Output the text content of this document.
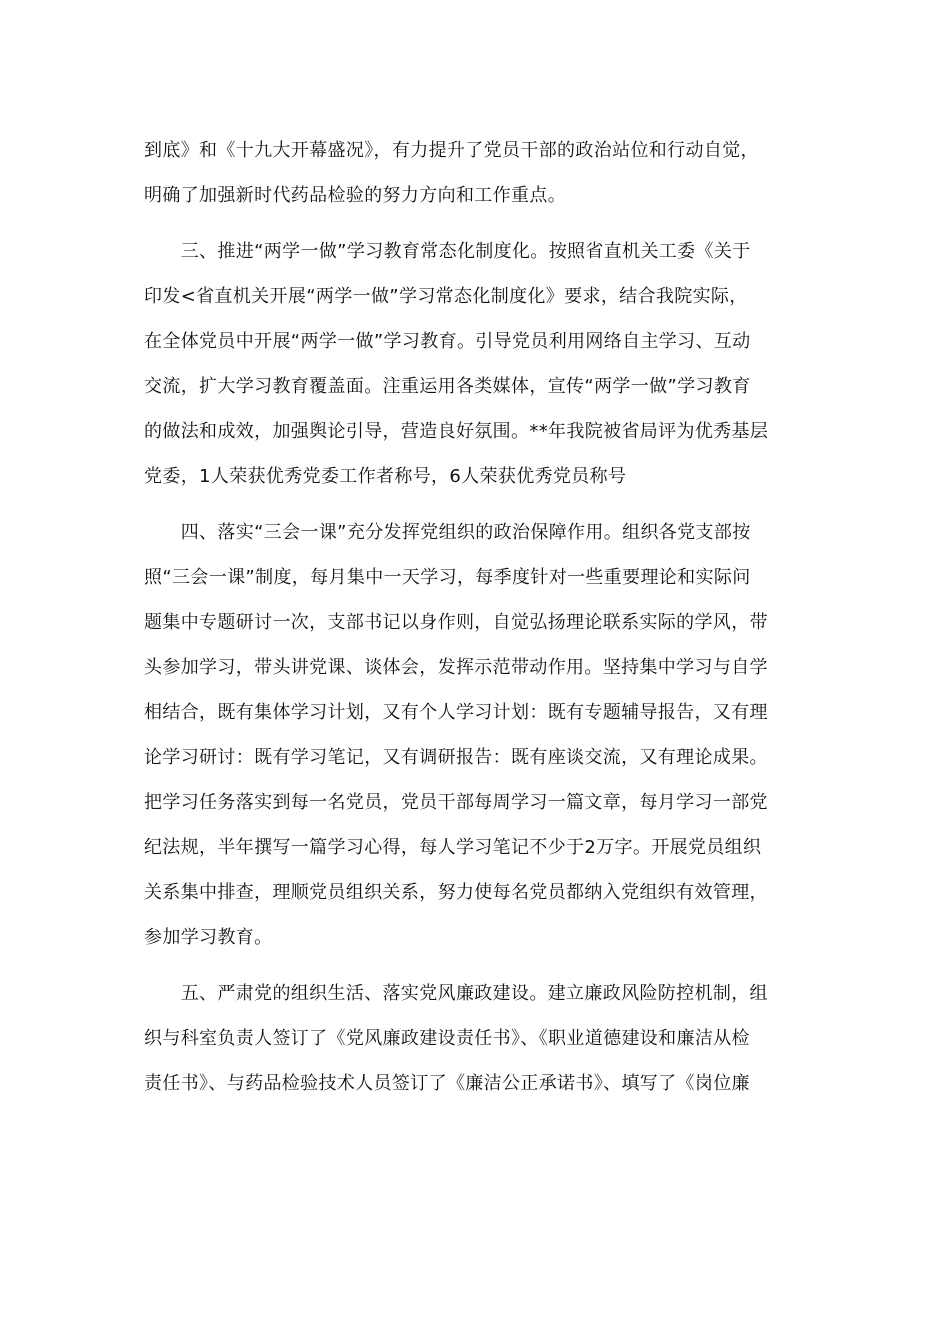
到底》和《十九大开幕盛况》，有力提升了党员干部的政治站位和行动自觉，
明确了加强新时代药品检验的努力方向和工作重点。
　　三、推进“两学一做”学习教育常态化制度化。按照省直机关工委《关于
印发<省直机关开展“两学一做”学习常态化制度化》要求，结合我院实际，
在全体党员中开展“两学一做”学习教育。引导党员利用网络自主学习、互动
交流，扩大学习教育覆盖面。注重运用各类媒体，宣传“两学一做”学习教育
的做法和成效，加强舆论引导，营造良好氛围。**年我院被省局评为优秀基层
党委，1人荣获优秀党委工作者称号，6人荣获优秀党员称号
　　四、落实“三会一课”充分发挥党组织的政治保障作用。组织各党支部按
照“三会一课”制度，每月集中一天学习，每季度针对一些重要理论和实际问
题集中专题研讨一次，支部书记以身作则，自觉弘扬理论联系实际的学风，带
头参加学习，带头讲党课、谈体会，发挥示范带动作用。坚持集中学习与自学
相结合，既有集体学习计划，又有个人学习计划：既有专题辅导报告，又有理
论学习研讨：既有学习笔记，又有调研报告：既有座谈交流，又有理论成果。
把学习任务落实到每一名党员，党员干部每周学习一篇文章，每月学习一部党
纪法规，半年撰写一篇学习心得，每人学习笔记不少于2万字。开展党员组织
关系集中排查，理顺党员组织关系，努力使每名党员都纳入党组织有效管理，
参加学习教育。
　　五、严肃党的组织生活、落实党风廉政建设。建立廉政风险防控机制，组
织与科室负责人签订了《党风廉政建设责任书》、《职业道德建设和廉洁从检
责任书》、与药品检验技术人员签订了《廉洁公正承诺书》、填写了《岗位廉
